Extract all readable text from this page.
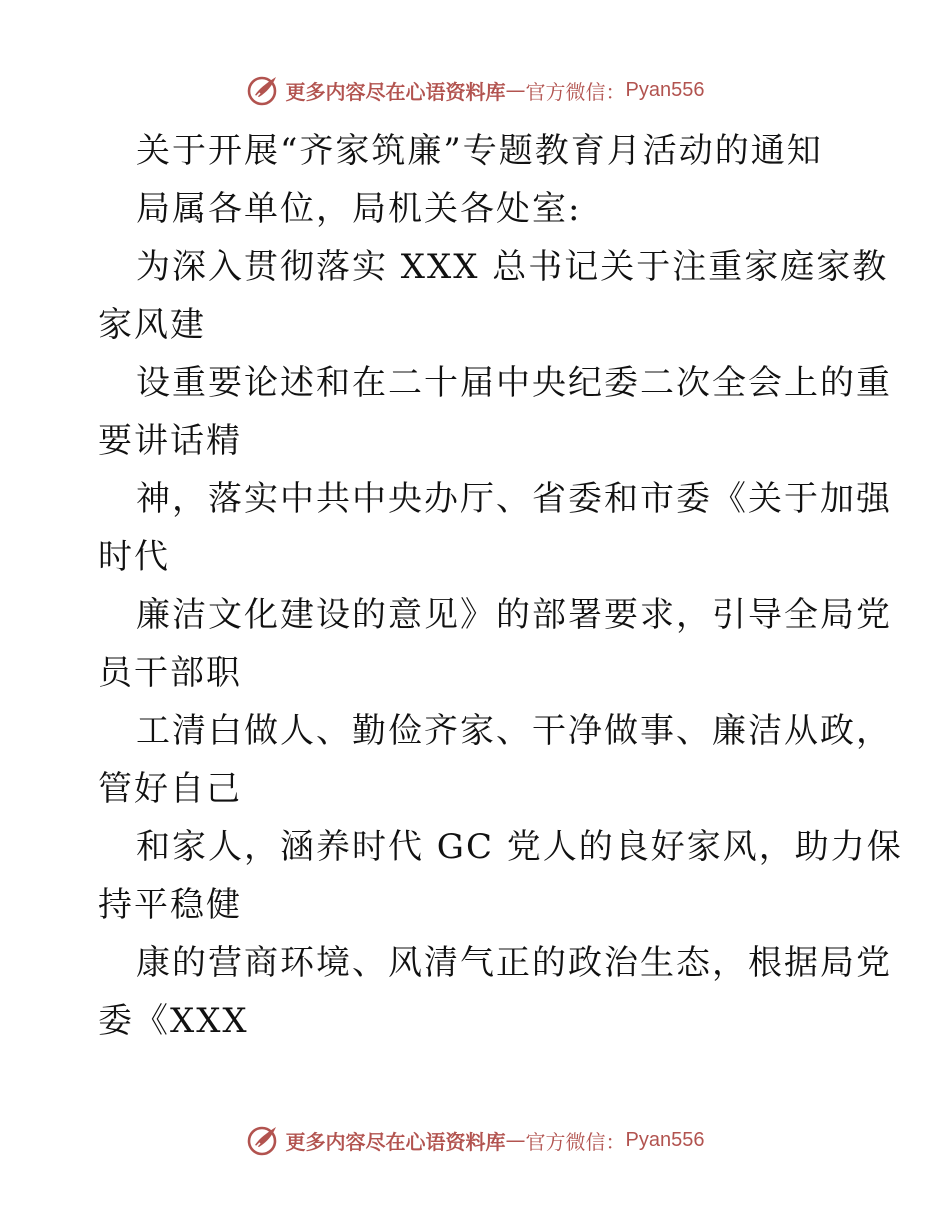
更多内容尽在心语资料库 — 官方微信： Pyan556
关于开展“齐家筑廉”专题教育月活动的通知
局属各单位，局机关各处室:
为深入贯彻落实 XXX 总书记关于注重家庭家教
家风建
设重要论述和在二十届中央纪委二次全会上的重
要讲话精
神，落实中共中央办厅、省委和市委《关于加强
时代
廉洁文化建设的意见》的部署要求，引导全局党
员干部职
工清白做人、勤俭齐家、干净做事、廉洁从政，
管好自己
和家人，涵养时代 GC 党人的良好家风，助力保
持平稳健
康的营商环境、风清气正的政治生态，根据局党
委《XXX
更多内容尽在心语资料库 — 官方微信： Pyan556
